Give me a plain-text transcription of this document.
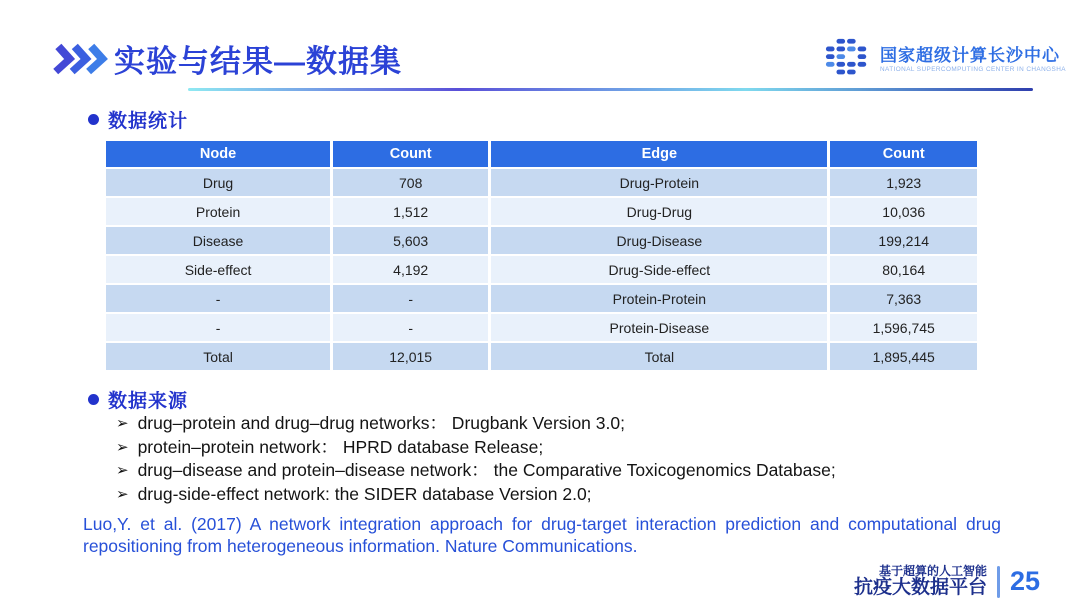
实验与结果—数据集	国家超级计算长沙中心
NATIONAL SUPERCOMPUTING CENTER IN CHANGSHA
数据统计
Node	Count	Edge	Count
Drug	708	Drug-Protein	1,923
Protein	1,512	Drug-Drug	10,036
Disease	5,603	Drug-Disease	199,214
Side-effect	4,192	Drug-Side-effect	80,164
-	-	Protein-Protein	7,363
-	-	Protein-Disease	1,596,745
Total	12,015	Total	1,895,445
数据来源
➢ drug–protein and drug–drug networks： Drugbank Version 3.0;
➢ protein–protein network： HPRD database Release;
➢ drug–disease and protein–disease network： the Comparative Toxicogenomics Database;
➢ drug-side-effect network: the SIDER database Version 2.0;
Luo,Y. et al. (2017) A network integration approach for drug-target interaction prediction and computational drug repositioning from heterogeneous information. Nature Communications.
基于超算的人工智能
抗疫大数据平台 25
